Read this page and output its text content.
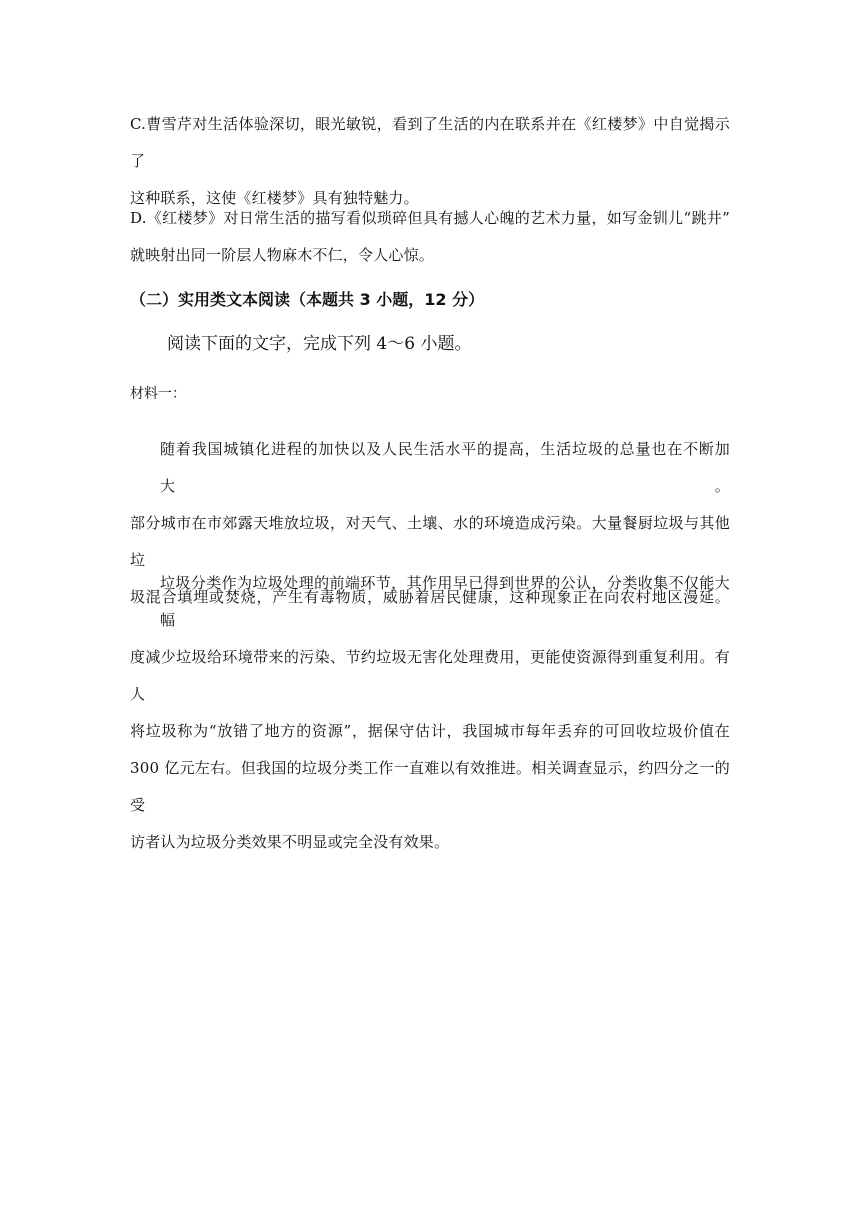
C.曹雪芹对生活体验深切，眼光敏锐，看到了生活的内在联系并在《红楼梦》中自觉揭示了
这种联系，这使《红楼梦》具有独特魅力。
D.《红楼梦》对日常生活的描写看似琐碎但具有撼人心魄的艺术力量，如写金钏儿“跳井”
就映射出同一阶层人物麻木不仁，令人心惊。
（二）实用类文本阅读（本题共 3 小题，12 分）
阅读下面的文字，完成下列 4～6 小题。
材料一：
随着我国城镇化进程的加快以及人民生活水平的提高，生活垃圾的总量也在不断加大。
部分城市在市郊露天堆放垃圾，对天气、土壤、水的环境造成污染。大量餐厨垃圾与其他垃
圾混合填埋或焚烧，产生有毒物质，威胁着居民健康，这种现象正在向农村地区漫延。
垃圾分类作为垃圾处理的前端环节，其作用早已得到世界的公认，分类收集不仅能大幅
度减少垃圾给环境带来的污染、节约垃圾无害化处理费用，更能使资源得到重复利用。有人
将垃圾称为“放错了地方的资源”，据保守估计，我国城市每年丢弃的可回收垃圾价值在
300 亿元左右。但我国的垃圾分类工作一直难以有效推进。相关调查显示，约四分之一的受
访者认为垃圾分类效果不明显或完全没有效果。
